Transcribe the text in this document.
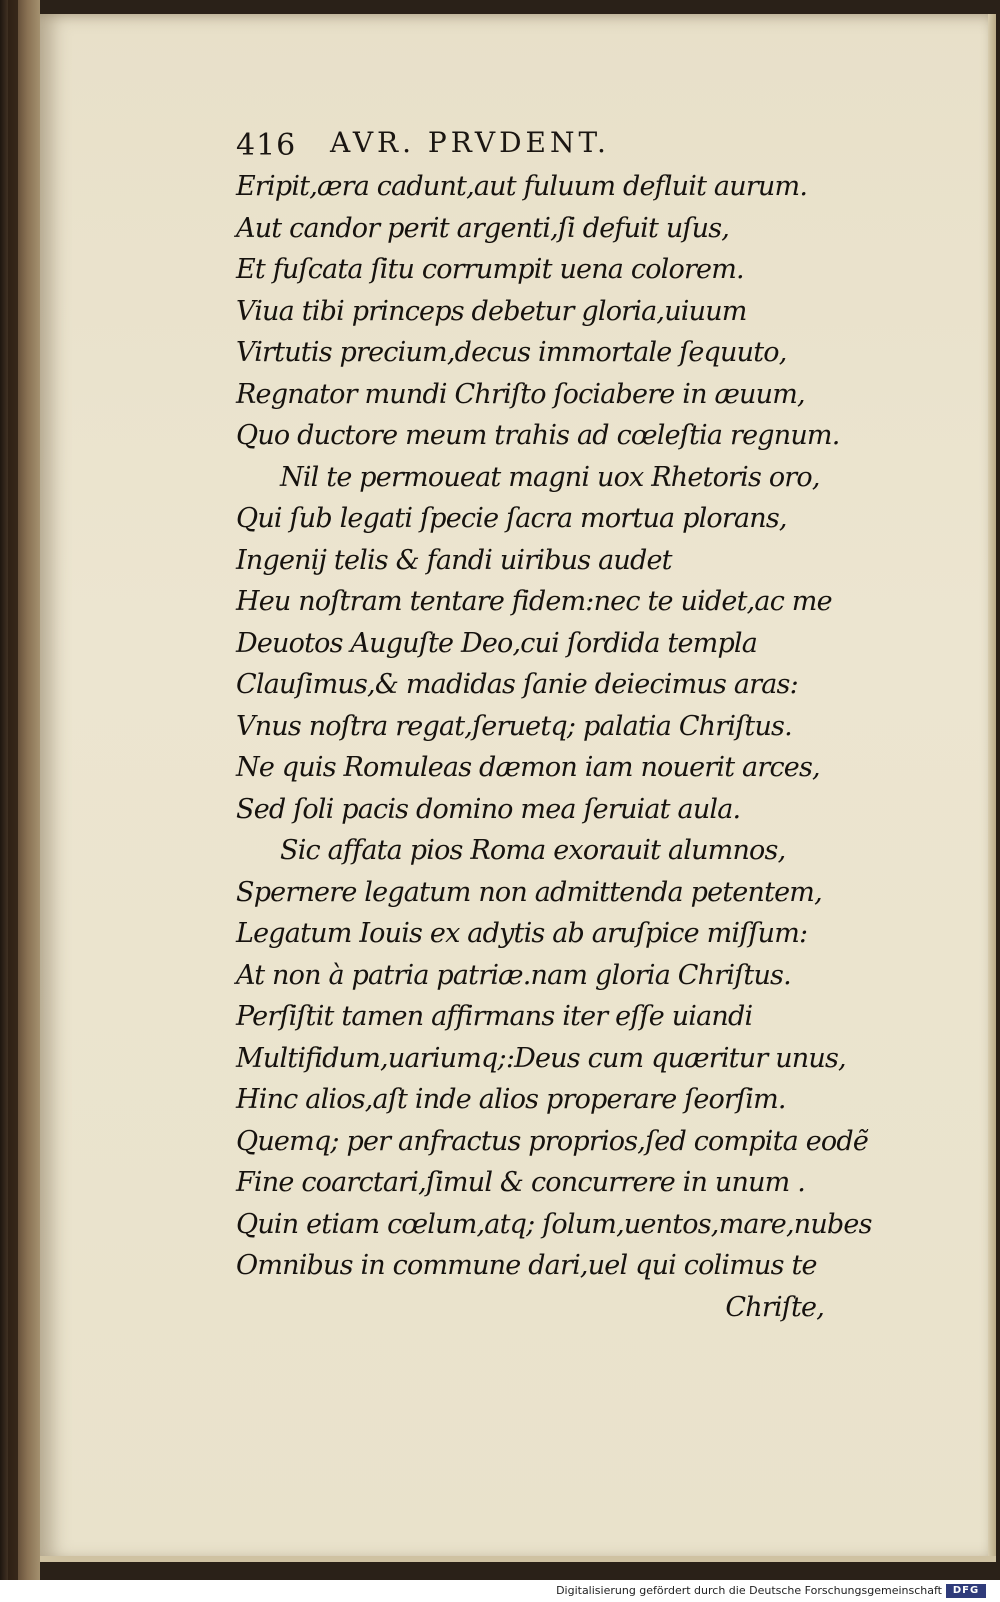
416 AVR. PRVDENT.
Eripit,æra cadunt,aut fuluum defluit aurum.
Aut candor perit argenti,ſi defuit uſus,
Et fuſcata ſitu corrumpit uena colorem.
Viua tibi princeps debetur gloria,uiuum
Virtutis precium,decus immortale ſequuto,
Regnator mundi Chriſto ſociabere in æuum,
Quo ductore meum trahis ad cœleſtia regnum.
Nil te permoueat magni uox Rhetoris oro,
Qui ſub legati ſpecie ſacra mortua plorans,
Ingenij telis & fandi uiribus audet
Heu noſtram tentare fidem:nec te uidet,ac me
Deuotos Auguſte Deo,cui ſordida templa
Clauſimus,& madidas ſanie deiecimus aras:
Vnus noſtra regat,ſeruetq; palatia Chriſtus.
Ne quis Romuleas dæmon iam nouerit arces,
Sed ſoli pacis domino mea ſeruiat aula.
Sic affata pios Roma exorauit alumnos,
Spernere legatum non admittenda petentem,
Legatum Iouis ex adytis ab aruſpice miſſum:
At non à patria patriæ.nam gloria Chriſtus.
Perſiſtit tamen affirmans iter eſſe uiandi
Multifidum,uariumq;:Deus cum quæritur unus,
Hinc alios,aſt inde alios properare ſeorſim.
Quemq; per anfractus proprios,ſed compita eodẽ
Fine coarctari,ſimul & concurrere in unum .
Quin etiam cœlum,atq; ſolum,uentos,mare,nubes
Omnibus in commune dari,uel qui colimus te
Chriſte,
Digitalisierung gefördert durch die Deutsche Forschungsgemeinschaft	DFG
